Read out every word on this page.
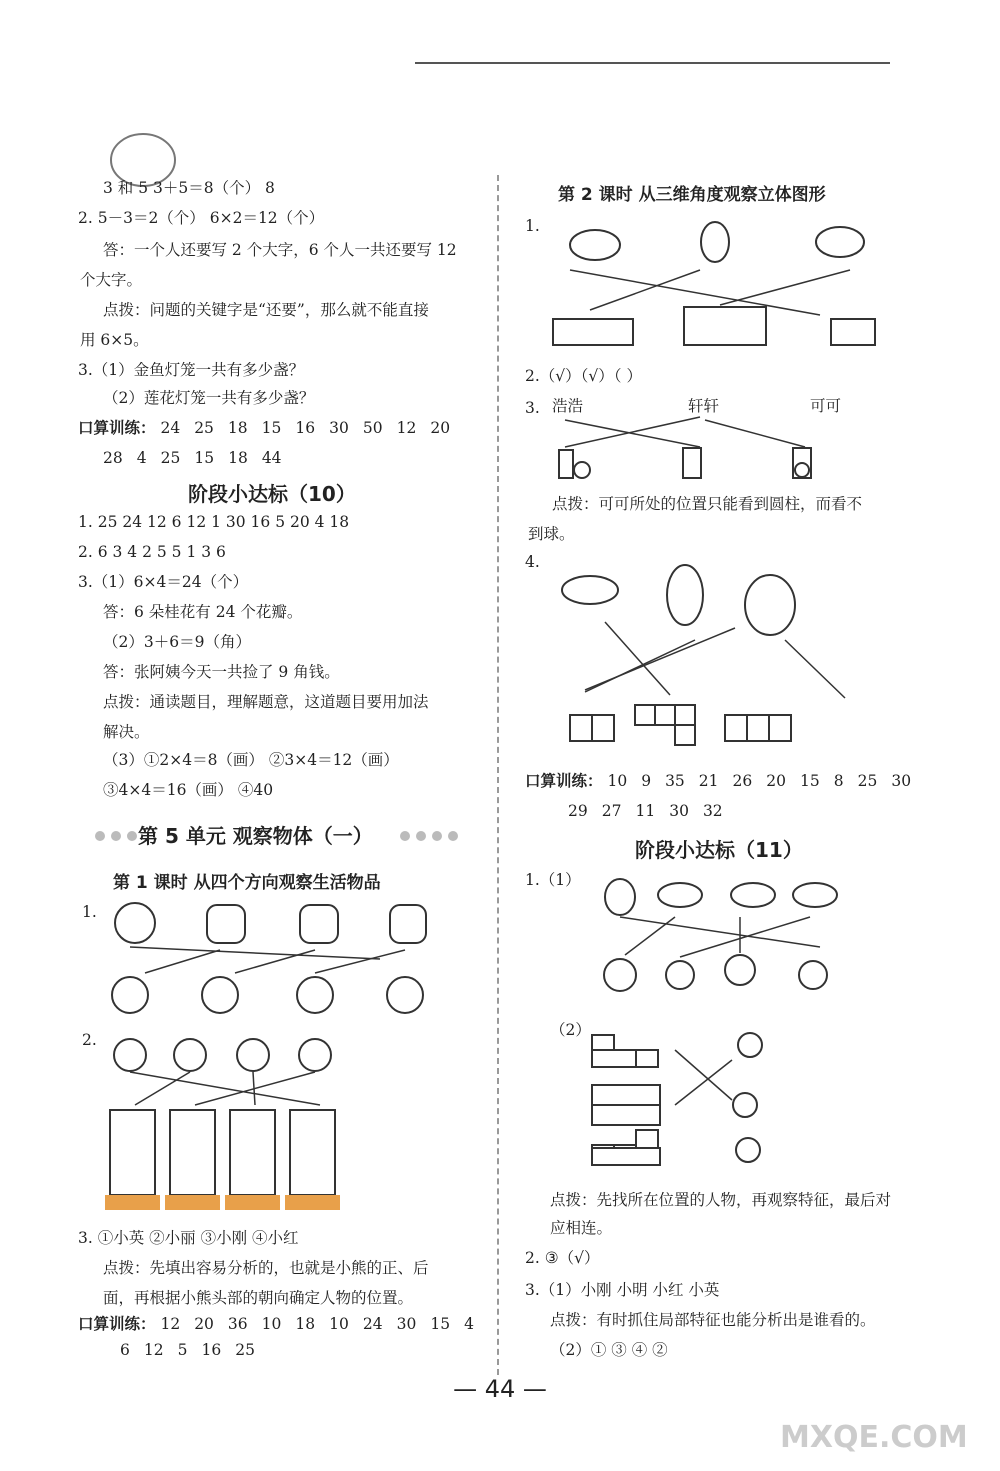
3 和 5 3＋5＝8（个） 8
2. 5－3＝2（个） 6×2＝12（个）
答：一个人还要写 2 个大字，6 个人一共还要写 12
个大字。
点拨：问题的关键字是“还要”，那么就不能直接
用 6×5。
3.（1）金鱼灯笼一共有多少盏？
（2）莲花灯笼一共有多少盏？
口算训练： 24 25 18 15 16 30 50 12 20
28 4 25 15 18 44
阶段小达标（10）
1. 25 24 12 6 12 1 30 16 5 20 4 18
2. 6 3 4 2 5 5 1 3 6
3.（1）6×4＝24（个）
答：6 朵桂花有 24 个花瓣。
（2）3＋6＝9（角）
答：张阿姨今天一共捡了 9 角钱。
点拨：通读题目，理解题意，这道题目要用加法
解决。
（3）①2×4＝8（画） ②3×4＝12（画）
③4×4＝16（画） ④40
第 5 单元 观察物体（一）
第 1 课时 从四个方向观察生活物品
1.
2.
3. ①小英 ②小丽 ③小刚 ④小红
点拨：先填出容易分析的，也就是小熊的正、后
面，再根据小熊头部的朝向确定人物的位置。
口算训练： 12 20 36 10 18 10 24 30 15 4
6 12 5 16 25
第 2 课时 从三维角度观察立体图形
1.
2.（√）（√）（ ）
3. 浩浩	轩轩	可可
点拨：可可所处的位置只能看到圆柱，而看不
到球。
4.
口算训练： 10 9 35 21 26 20 15 8 25 30
29 27 11 30 32
阶段小达标（11）
1.（1）
（2）
点拨：先找所在位置的人物，再观察特征，最后对
应相连。
2. ③（√）
3.（1）小刚 小明 小红 小英
点拨：有时抓住局部特征也能分析出是谁看的。
（2）① ③ ④ ②
— 44 —
MXQE.COM
